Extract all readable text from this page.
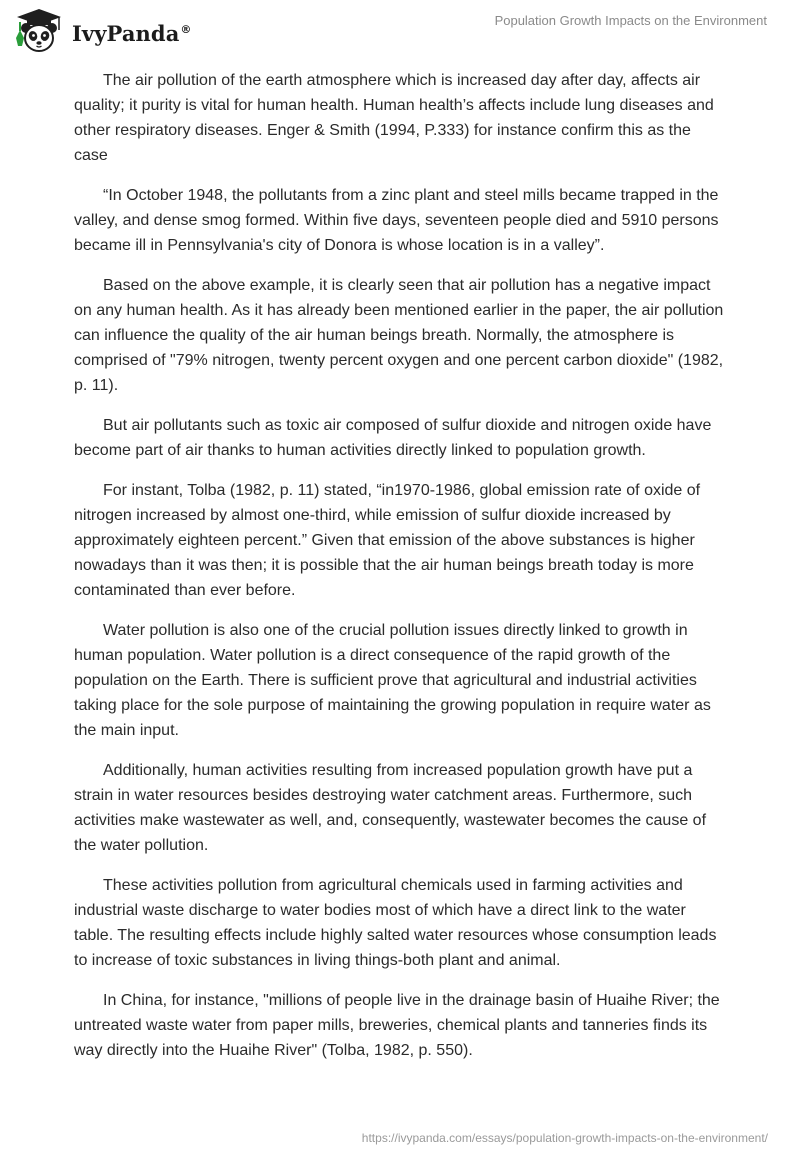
IvyPanda®
Population Growth Impacts on the Environment

The air pollution of the earth atmosphere which is increased day after day, affects air quality; it purity is vital for human health. Human health’s affects include lung diseases and other respiratory diseases. Enger & Smith (1994, P.333) for instance confirm this as the case

“In October 1948, the pollutants from a zinc plant and steel mills became trapped in the valley, and dense smog formed. Within five days, seventeen people died and 5910 persons became ill in Pennsylvania's city of Donora is whose location is in a valley”.

Based on the above example, it is clearly seen that air pollution has a negative impact on any human health. As it has already been mentioned earlier in the paper, the air pollution can influence the quality of the air human beings breath. Normally, the atmosphere is comprised of "79% nitrogen, twenty percent oxygen and one percent carbon dioxide" (1982, p. 11).

But air pollutants such as toxic air composed of sulfur dioxide and nitrogen oxide have become part of air thanks to human activities directly linked to population growth.

For instant, Tolba (1982, p. 11) stated, “in1970-1986, global emission rate of oxide of nitrogen increased by almost one-third, while emission of sulfur dioxide increased by approximately eighteen percent.” Given that emission of the above substances is higher nowadays than it was then; it is possible that the air human beings breath today is more contaminated than ever before.

Water pollution is also one of the crucial pollution issues directly linked to growth in human population. Water pollution is a direct consequence of the rapid growth of the population on the Earth. There is sufficient prove that agricultural and industrial activities taking place for the sole purpose of maintaining the growing population in require water as the main input.

Additionally, human activities resulting from increased population growth have put a strain in water resources besides destroying water catchment areas. Furthermore, such activities make wastewater as well, and, consequently, wastewater becomes the cause of the water pollution.

These activities pollution from agricultural chemicals used in farming activities and industrial waste discharge to water bodies most of which have a direct link to the water table. The resulting effects include highly salted water resources whose consumption leads to increase of toxic substances in living things-both plant and animal.

In China, for instance, "millions of people live in the drainage basin of Huaihe River; the untreated waste water from paper mills, breweries, chemical plants and tanneries finds its way directly into the Huaihe River" (Tolba, 1982, p. 550).

https://ivypanda.com/essays/population-growth-impacts-on-the-environment/
